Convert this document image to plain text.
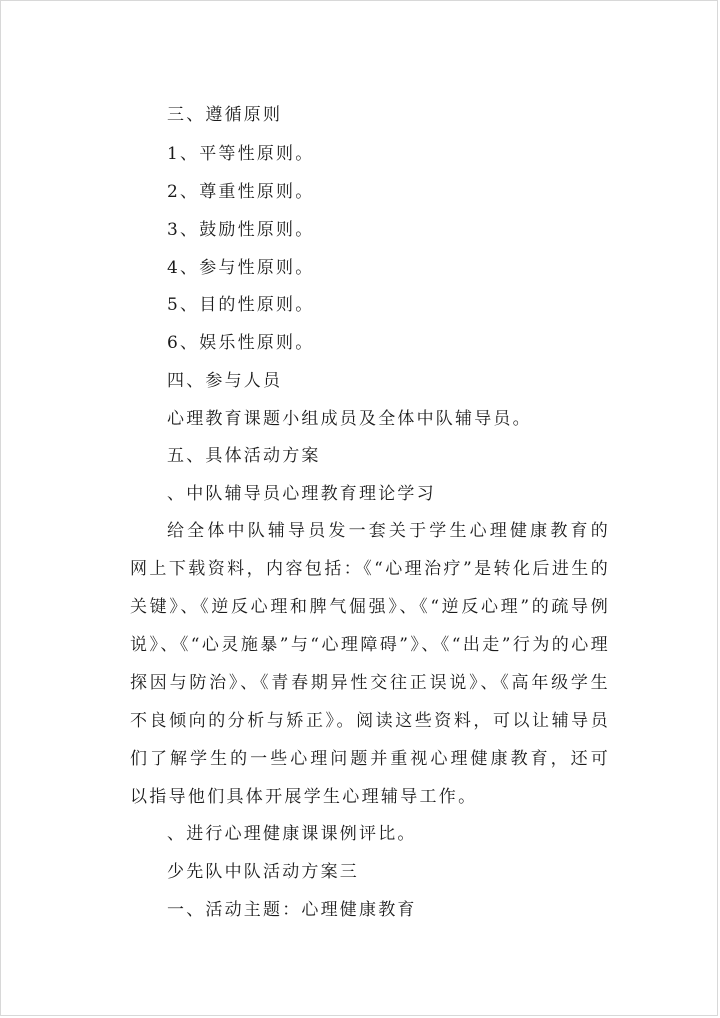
三、遵循原则
1、平等性原则。
2、尊重性原则。
3、鼓励性原则。
4、参与性原则。
5、目的性原则。
6、娱乐性原则。
四、参与人员
心理教育课题小组成员及全体中队辅导员。
五、具体活动方案
、中队辅导员心理教育理论学习

给全体中队辅导员发一套关于学生心理健康教育的网上下载资料，内容包括：《“心理治疗”是转化后进生的关键》、《逆反心理和脾气倔强》、《“逆反心理”的疏导例说》、《“心灵施暴”与“心理障碍”》、《“出走”行为的心理探因与防治》、《青春期异性交往正误说》、《高年级学生不良倾向的分析与矫正》。阅读这些资料，可以让辅导员们了解学生的一些心理问题并重视心理健康教育，还可以指导他们具体开展学生心理辅导工作。

、进行心理健康课课例评比。
少先队中队活动方案三
一、活动主题：心理健康教育
